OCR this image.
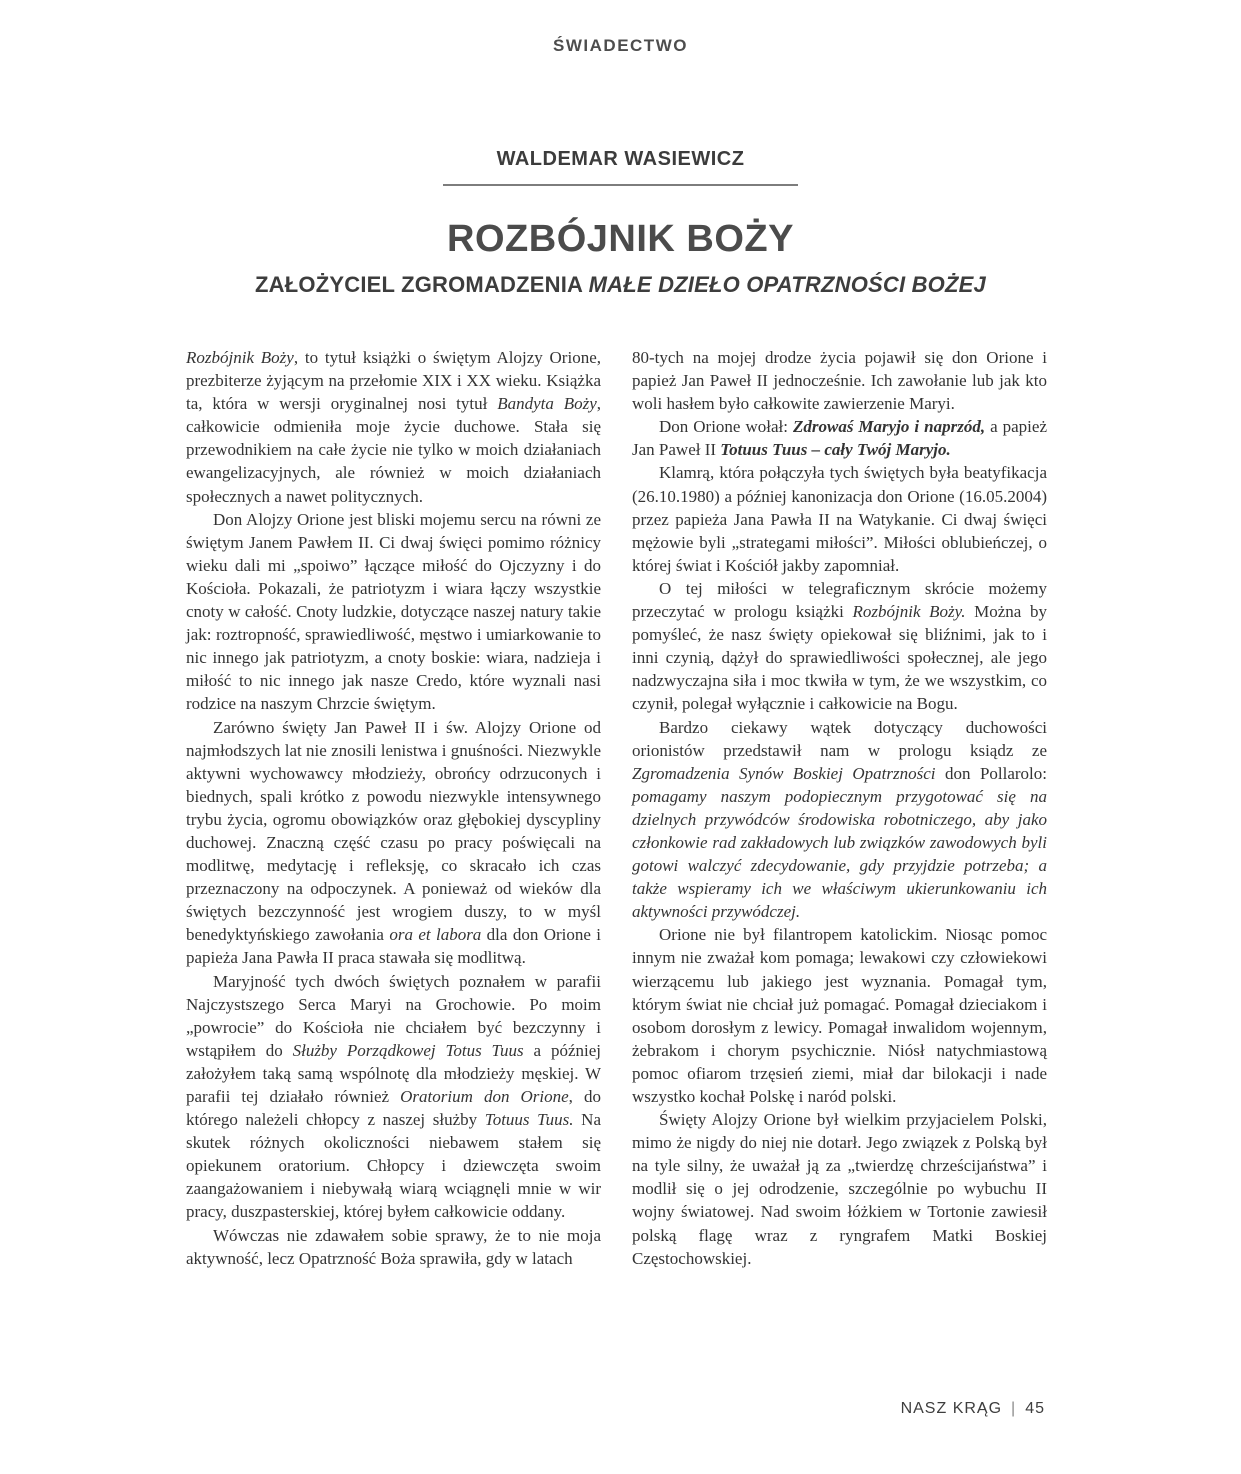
ŚWIADECTWO
WALDEMAR WASIEWICZ
ROZBÓJNIK BOŻY
ZAŁOŻYCIEL ZGROMADZENIA MAŁE DZIEŁO OPATRZNOŚCI BOŻEJ

Rozbójnik Boży, to tytuł książki o świętym Alojzy Orione, prezbiterze żyjącym na przełomie XIX i XX wieku. Książka ta, która w wersji oryginalnej nosi tytuł Bandyta Boży, całkowicie odmieniła moje życie duchowe. Stała się przewodnikiem na całe życie nie tylko w moich działaniach ewangelizacyjnych, ale również w moich działaniach społecznych a nawet politycznych.

Don Alojzy Orione jest bliski mojemu sercu na równi ze świętym Janem Pawłem II. Ci dwaj święci pomimo różnicy wieku dali mi „spoiwo” łączące miłość do Ojczyzny i do Kościoła. Pokazali, że patriotyzm i wiara łączy wszystkie cnoty w całość. Cnoty ludzkie, dotyczące naszej natury takie jak: roztropność, sprawiedliwość, męstwo i umiarkowanie to nic innego jak patriotyzm, a cnoty boskie: wiara, nadzieja i miłość to nic innego jak nasze Credo, które wyznali nasi rodzice na naszym Chrzcie świętym.

Zarówno święty Jan Paweł II i św. Alojzy Orione od najmłodszych lat nie znosili lenistwa i gnuśności. Niezwykle aktywni wychowawcy młodzieży, obrońcy odrzuconych i biednych, spali krótko z powodu niezwykle intensywnego trybu życia, ogromu obowiązków oraz głębokiej dyscypliny duchowej. Znaczną część czasu po pracy poświęcali na modlitwę, medytację i refleksję, co skracało ich czas przeznaczony na odpoczynek. A ponieważ od wieków dla świętych bezczynność jest wrogiem duszy, to w myśl benedyktyńskiego zawołania ora et labora dla don Orione i papieża Jana Pawła II praca stawała się modlitwą.

Maryjność tych dwóch świętych poznałem w parafii Najczystszego Serca Maryi na Grochowie. Po moim „powrocie” do Kościoła nie chciałem być bezczynny i wstąpiłem do Służby Porządkowej Totus Tuus a później założyłem taką samą wspólnotę dla młodzieży męskiej. W parafii tej działało również Oratorium don Orione, do którego należeli chłopcy z naszej służby Totuus Tuus. Na skutek różnych okoliczności niebawem stałem się opiekunem oratorium. Chłopcy i dziewczęta swoim zaangażowaniem i niebywałą wiarą wciągnęli mnie w wir pracy, duszpasterskiej, której byłem całkowicie oddany.

Wówczas nie zdawałem sobie sprawy, że to nie moja aktywność, lecz Opatrzność Boża sprawiła, gdy w latach

80-tych na mojej drodze życia pojawił się don Orione i papież Jan Paweł II jednocześnie. Ich zawołanie lub jak kto woli hasłem było całkowite zawierzenie Maryi.

Don Orione wołał: Zdrowaś Maryjo i naprzód, a papież Jan Paweł II Totuus Tuus – cały Twój Maryjo.

Klamrą, która połączyła tych świętych była beatyfikacja (26.10.1980) a później kanonizacja don Orione (16.05.2004) przez papieża Jana Pawła II na Watykanie. Ci dwaj święci mężowie byli „strategami miłości”. Miłości oblubieńczej, o której świat i Kościół jakby zapomniał.

O tej miłości w telegraficznym skrócie możemy przeczytać w prologu książki Rozbójnik Boży. Można by pomyśleć, że nasz święty opiekował się bliźnimi, jak to i inni czynią, dążył do sprawiedliwości społecznej, ale jego nadzwyczajna siła i moc tkwiła w tym, że we wszystkim, co czynił, polegał wyłącznie i całkowicie na Bogu.

Bardzo ciekawy wątek dotyczący duchowości orionistów przedstawił nam w prologu ksiądz ze Zgromadzenia Synów Boskiej Opatrzności don Pollarolo: pomagamy naszym podopiecznym przygotować się na dzielnych przywódców środowiska robotniczego, aby jako członkowie rad zakładowych lub związków zawodowych byli gotowi walczyć zdecydowanie, gdy przyjdzie potrzeba; a także wspieramy ich we właściwym ukierunkowaniu ich aktywności przywódczej.

Orione nie był filantropem katolickim. Niosąc pomoc innym nie zważał kom pomaga; lewakowi czy człowiekowi wierzącemu lub jakiego jest wyznania. Pomagał tym, którym świat nie chciał już pomagać. Pomagał dzieciakom i osobom dorosłym z lewicy. Pomagał inwalidom wojennym, żebrakom i chorym psychicznie. Niósł natychmiastową pomoc ofiarom trzęsień ziemi, miał dar bilokacji i nade wszystko kochał Polskę i naród polski.

Święty Alojzy Orione był wielkim przyjacielem Polski, mimo że nigdy do niej nie dotarł. Jego związek z Polską był na tyle silny, że uważał ją za „twierdzę chrześcijaństwa” i modlił się o jej odrodzenie, szczególnie po wybuchu II wojny światowej. Nad swoim łóżkiem w Tortonie zawiesił polską flagę wraz z ryngrafem Matki Boskiej Częstochowskiej.

NASZ KRĄG | 45
